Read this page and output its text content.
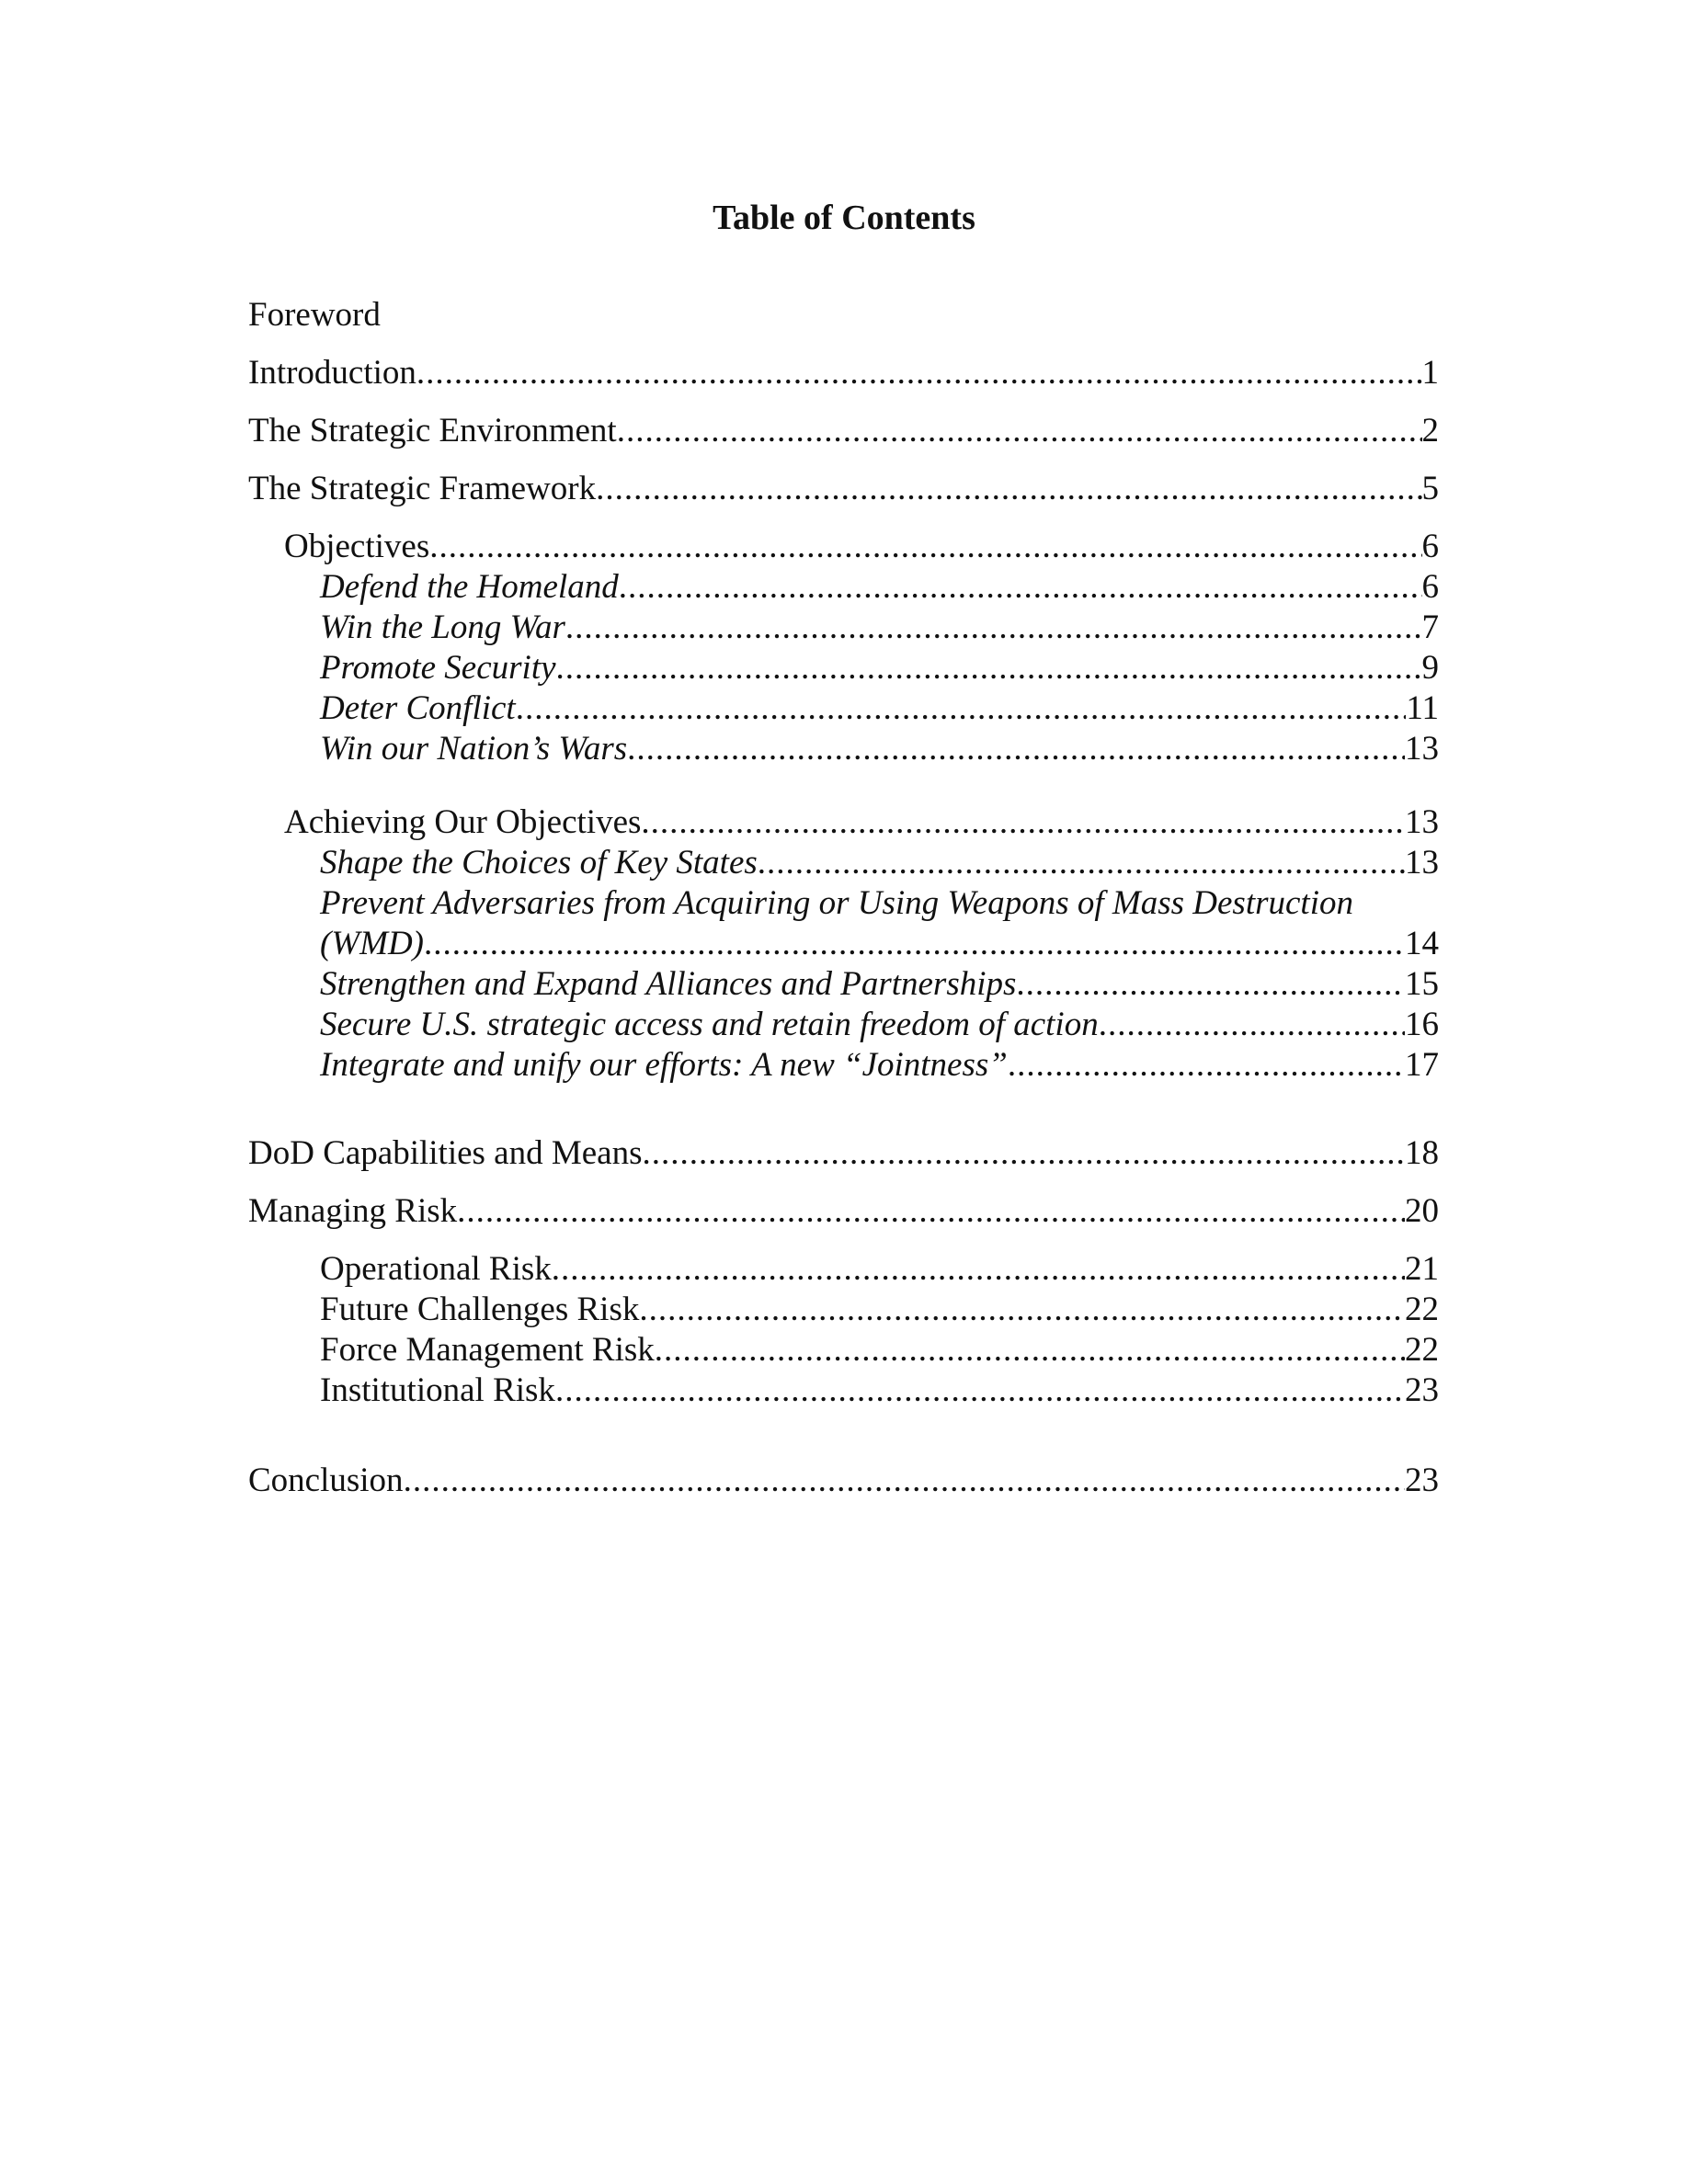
Table of Contents
Foreword
Introduction .....	1
The Strategic Environment .....	2
The Strategic Framework .....	5
Objectives .....	6
Defend the Homeland .....	6
Win the Long War .....	7
Promote Security .....	9
Deter Conflict .....	11
Win our Nation’s Wars .....	13
Achieving Our Objectives .....	13
Shape the Choices of Key States .....	13
Prevent Adversaries from Acquiring or Using Weapons of Mass Destruction
(WMD) .....	14
Strengthen and Expand Alliances and Partnerships .....	15
Secure U.S. strategic access and retain freedom of action .....	16
Integrate and unify our efforts: A new “Jointness” .....	17
DoD Capabilities and Means .....	18
Managing Risk .....	20
Operational Risk .....	21
Future Challenges Risk .....	22
Force Management Risk .....	22
Institutional Risk .....	23
Conclusion .....	23
